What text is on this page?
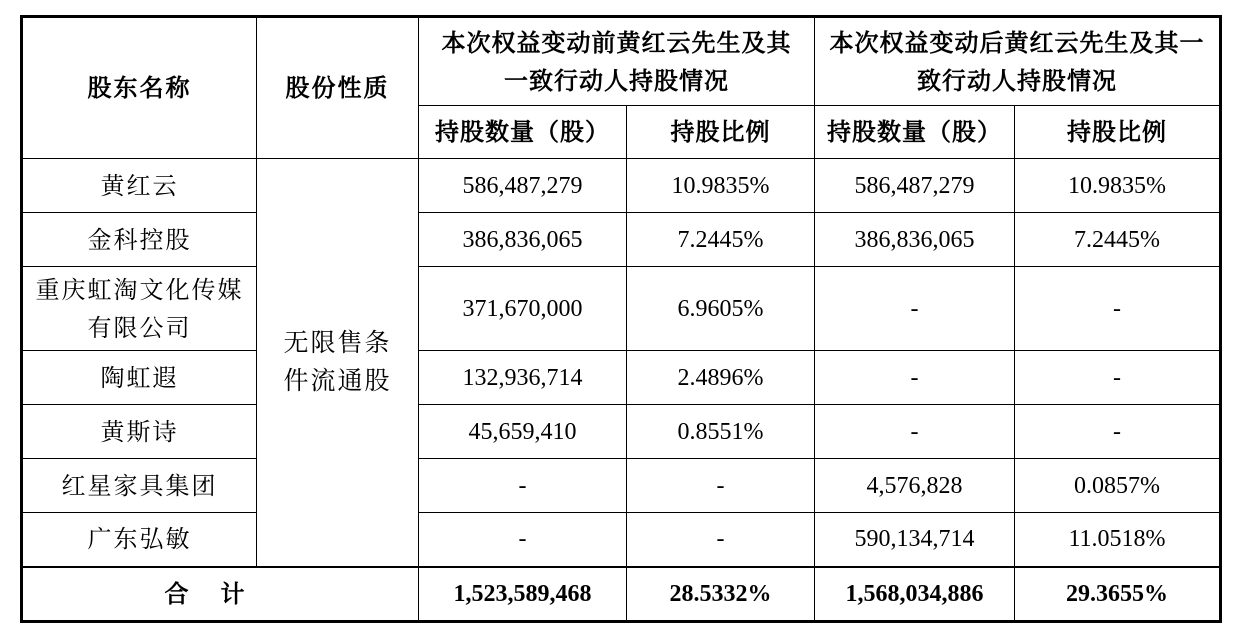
股东名称	股份性质	本次权益变动前黄红云先生及其一致行动人持股情况		本次权益变动后黄红云先生及其一致行动人持股情况	
		持股数量（股）	持股比例	持股数量（股）	持股比例
黄红云	无限售条件流通股	586,487,279	10.9835%	586,487,279	10.9835%
金科控股		386,836,065	7.2445%	386,836,065	7.2445%
重庆虹淘文化传媒有限公司		371,670,000	6.9605%	-	-
陶虹遐		132,936,714	2.4896%	-	-
黄斯诗		45,659,410	0.8551%	-	-
红星家具集团		-	-	4,576,828	0.0857%
广东弘敏		-	-	590,134,714	11.0518%
合计		1,523,589,468	28.5332%	1,568,034,886	29.3655%
